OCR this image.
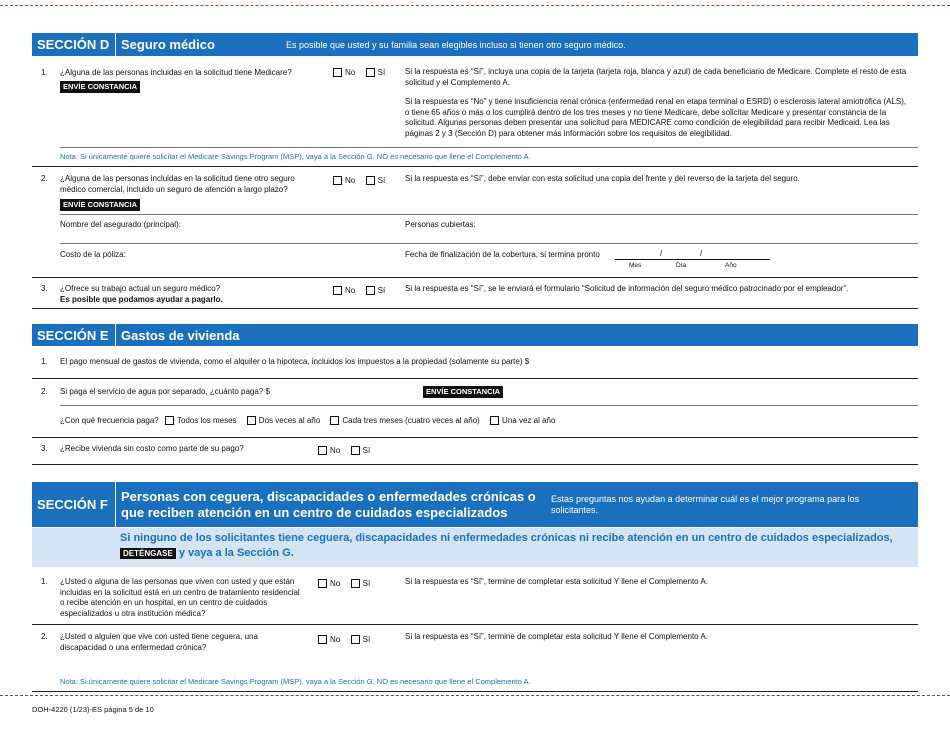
SECCIÓN D Seguro médico	Es posible que usted y su familia sean elegibles incluso si tienen otro seguro médico.
1. ¿Alguna de las personas incluidas en la solicitud tiene Medicare?
ENVÍE CONSTANCIA
No	Sí	Si la respuesta es “Sí”, incluya una copia de la tarjeta (tarjeta roja, blanca y azul) de cada beneficiario de Medicare. Complete el resto de esta solicitud y el Complemento A.
Si la respuesta es “No” y tiene insuficiencia renal crónica (enfermedad renal en etapa terminal o ESRD) o esclerosis lateral amiotrófica (ALS), o tiene 65 años o más o los cumplirá dentro de los tres meses y no tiene Medicare, debe solicitar Medicare y presentar constancia de la solicitud. Algunas personas deben presentar una solicitud para MEDICARE como condición de elegibilidad para recibir Medicaid. Lea las páginas 2 y 3 (Sección D) para obtener más información sobre los requisitos de elegibilidad.
Nota: Si únicamente quiere solicitar el Medicare Savings Program (MSP), vaya a la Sección G. NO es necesario que llene el Complemento A.
2. ¿Alguna de las personas incluidas en la solicitud tiene otro seguro médico comercial, incluido un seguro de atención a largo plazo?
ENVÍE CONSTANCIA
No	Sí	Si la respuesta es “Sí”, debe enviar con esta solicitud una copia del frente y del reverso de la tarjeta del seguro.
Nombre del asegurado (principal):	Personas cubiertas:
Costo de la póliza:	Fecha de finalización de la cobertura, si termina pronto	/	/
Mes	Día	Año
3. ¿Ofrece su trabajo actual un seguro médico?
Es posible que podamos ayudar a pagarlo.
No	Sí	Si la respuesta es “Sí”, se le enviará el formulario “Solicitud de información del seguro médico patrocinado por el empleador”.
SECCIÓN E Gastos de vivienda
1. El pago mensual de gastos de vivienda, como el alquiler o la hipoteca, incluidos los impuestos a la propiedad (solamente su parte) $
2. Si paga el servicio de agua por separado, ¿cuánto paga? $	ENVÍE CONSTANCIA
¿Con qué frecuencia paga? Todos los meses	Dos veces al año	Cada tres meses (cuatro veces al año)	Una vez al año
3. ¿Recibe vivienda sin costo como parte de su pago?	No	Sí
SECCIÓN F
Personas con ceguera, discapacidades o enfermedades crónicas o
que reciben atención en un centro de cuidados especializados
Estas preguntas nos ayudan a determinar cuál es el mejor programa para los solicitantes.
Si ninguno de los solicitantes tiene ceguera, discapacidades ni enfermedades crónicas ni recibe atención en un centro de cuidados especializados,
DETÉNGASE y vaya a la Sección G.
1. ¿Usted o alguna de las personas que viven con usted y que están incluidas en la solicitud está en un centro de tratamiento residencial o recibe atención en un hospital, en un centro de cuidados especializados u otra institución médica?
No	Sí	Si la respuesta es “Sí”, termine de completar esta solicitud Y llene el Complemento A.
2. ¿Usted o alguien que vive con usted tiene ceguera, una discapacidad o una enfermedad crónica?
No	Sí	Si la respuesta es “Sí”, termine de completar esta solicitud Y llene el Complemento A.
Nota: Si únicamente quiere solicitar el Medicare Savings Program (MSP), vaya a la Sección G. NO es necesario que llene el Complemento A.
DOH-4220 (1/23)-ES página 5 de 10
